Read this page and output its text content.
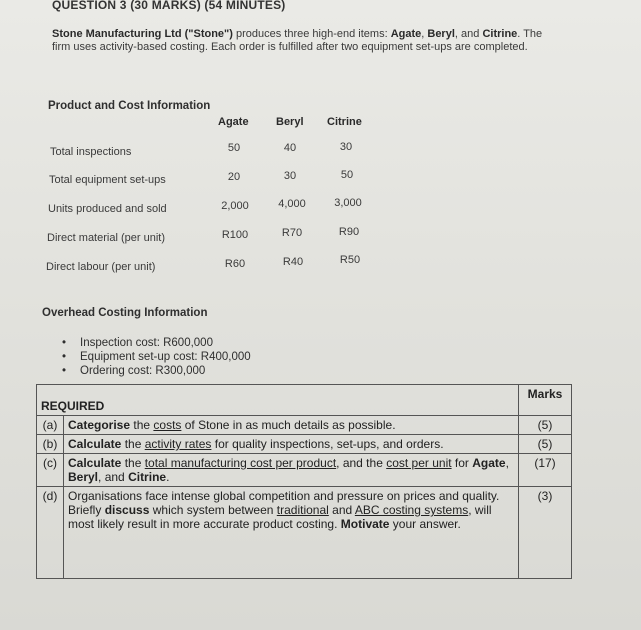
QUESTION 3 (30 MARKS) (54 MINUTES)
Stone Manufacturing Ltd ("Stone") produces three high-end items: Agate, Beryl, and Citrine. The firm uses activity-based costing. Each order is fulfilled after two equipment set-ups are completed.
Product and Cost Information
Agate Beryl Citrine
Total inspections	50	40	30
Total equipment set-ups	20	30	50
Units produced and sold	2,000	4,000	3,000
Direct material (per unit)	R100	R70	R90
Direct labour (per unit)	R60	R40	R50
Overhead Costing Information
• Inspection cost: R600,000
• Equipment set-up cost: R400,000
• Ordering cost: R300,000
REQUIRED		Marks
(a)	Categorise the costs of Stone in as much details as possible.	(5)
(b)	Calculate the activity rates for quality inspections, set-ups, and orders.	(5)
(c)	Calculate the total manufacturing cost per product, and the cost per unit for Agate, Beryl, and Citrine.	(17)
(d)	Organisations face intense global competition and pressure on prices and quality. Briefly discuss which system between traditional and ABC costing systems, will most likely result in more accurate product costing. Motivate your answer.	(3)
